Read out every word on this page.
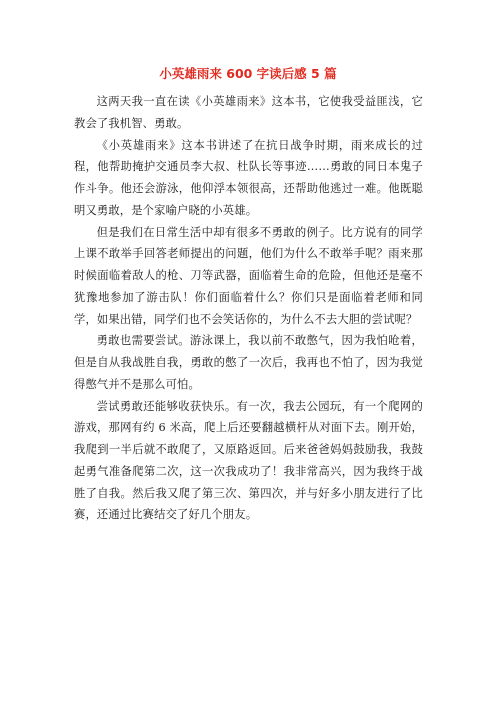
小英雄雨来 600 字读后感 5 篇

这两天我一直在读《小英雄雨来》这本书，它使我受益匪浅，它教会了我机智、勇敢。

《小英雄雨来》这本书讲述了在抗日战争时期，雨来成长的过程，他帮助掩护交通员李大叔、杜队长等事迹……勇敢的同日本鬼子作斗争。他还会游泳，他仰浮本领很高，还帮助他逃过一难。他既聪明又勇敢，是个家喻户晓的小英雄。

但是我们在日常生活中却有很多不勇敢的例子。比方说有的同学上课不敢举手回答老师提出的问题，他们为什么不敢举手呢？雨来那时候面临着敌人的枪、刀等武器，面临着生命的危险，但他还是毫不犹豫地参加了游击队！你们面临着什么？你们只是面临着老师和同学，如果出错，同学们也不会笑话你的，为什么不去大胆的尝试呢？

勇敢也需要尝试。游泳课上，我以前不敢憋气，因为我怕呛着，但是自从我战胜自我，勇敢的憋了一次后，我再也不怕了，因为我觉得憋气并不是那么可怕。

尝试勇敢还能够收获快乐。有一次，我去公园玩，有一个爬网的游戏，那网有约 6 米高，爬上后还要翻越横杆从对面下去。刚开始，我爬到一半后就不敢爬了，又原路返回。后来爸爸妈妈鼓励我，我鼓起勇气准备爬第二次，这一次我成功了！我非常高兴，因为我终于战胜了自我。然后我又爬了第三次、第四次，并与好多小朋友进行了比赛，还通过比赛结交了好几个朋友。
